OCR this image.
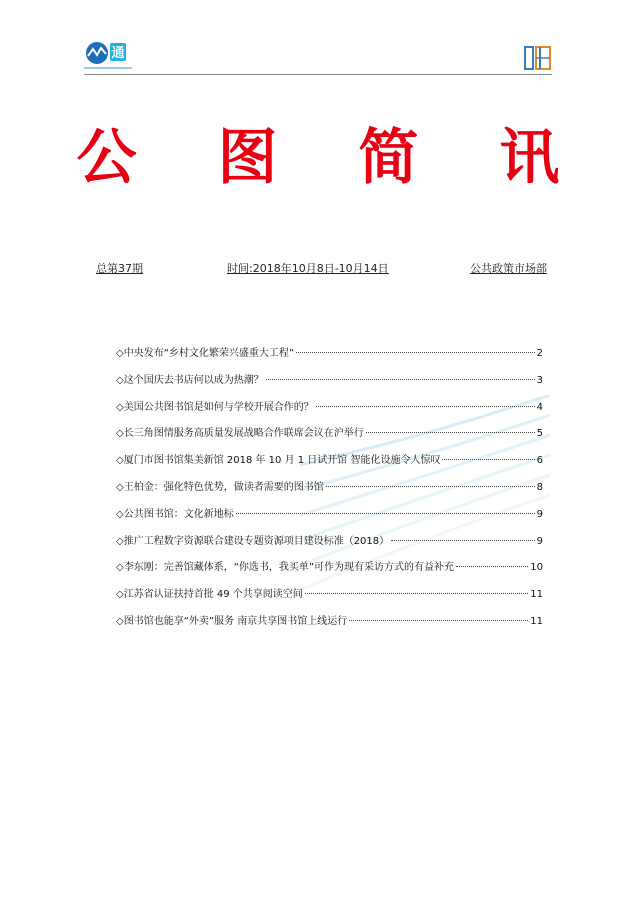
通
公 图 简 讯
总第37期	时间:2018年10月8日-10月14日	公共政策市场部
◇中央发布“乡村文化繁荣兴盛重大工程”	2
◇这个国庆去书店何以成为热潮？	3
◇美国公共图书馆是如何与学校开展合作的？	4
◇长三角图情服务高质量发展战略合作联席会议在沪举行	5
◇厦门市图书馆集美新馆 2018 年 10 月 1 日试开馆 智能化设施令人惊叹	6
◇王柏金：强化特色优势，做读者需要的图书馆	8
◇公共图书馆：文化新地标	9
◇推广工程数字资源联合建设专题资源项目建设标准（2018）	9
◇李东刚：完善馆藏体系，“你选书，我买单”可作为现有采访方式的有益补充	10
◇江苏省认证扶持首批 49 个共享阅读空间	11
◇图书馆也能享“外卖”服务 南京共享图书馆上线运行	11
